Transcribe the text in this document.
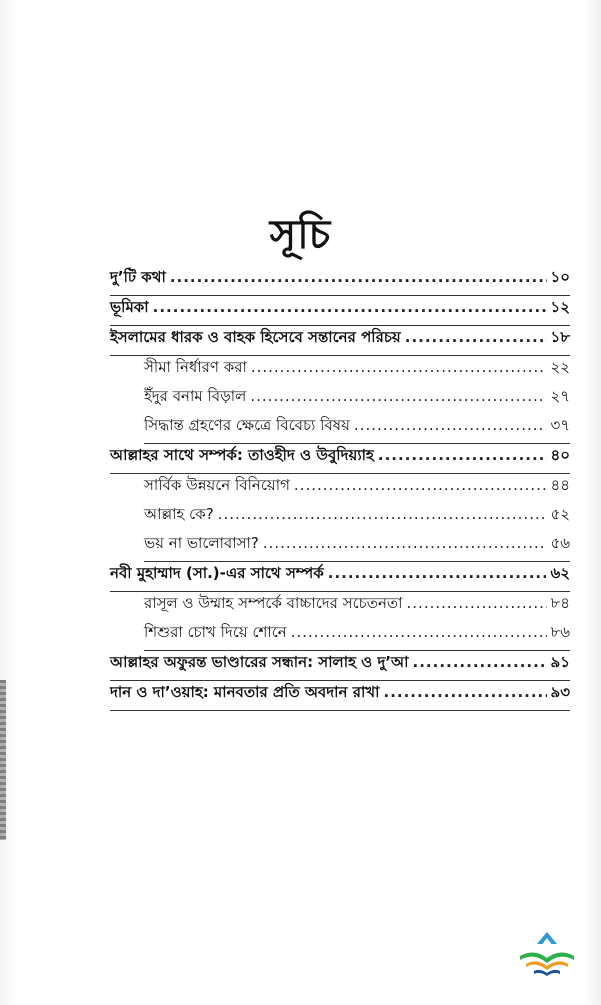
সূচি
দু’টি কথা .....	১০
ভূমিকা .....	১২
ইসলামের ধারক ও বাহক হিসেবে সন্তানের পরিচয় .....	১৮
সীমা নির্ধারণ করা .....	২২
ইঁদুর বনাম বিড়াল .....	২৭
সিদ্ধান্ত গ্রহণের ক্ষেত্রে বিবেচ্য বিষয় .....	৩৭
আল্লাহর সাথে সম্পর্ক: তাওহীদ ও উবুদিয়্যাহ .....	৪০
সার্বিক উন্নয়নে বিনিয়োগ .....	৪৪
আল্লাহ কে? .....	৫২
ভয় না ভালোবাসা? .....	৫৬
নবী মুহাম্মাদ (সা.)-এর সাথে সম্পর্ক .....	৬২
রাসূল ও উম্মাহ সম্পর্কে বাচ্চাদের সচেতনতা .....	৮৪
শিশুরা চোখ দিয়ে শোনে .....	৮৬
আল্লাহর অফুরন্ত ভাণ্ডারের সন্ধান: সালাহ ও দু’আ .....	৯১
দান ও দা’ওয়াহ: মানবতার প্রতি অবদান রাখা .....	৯৩
